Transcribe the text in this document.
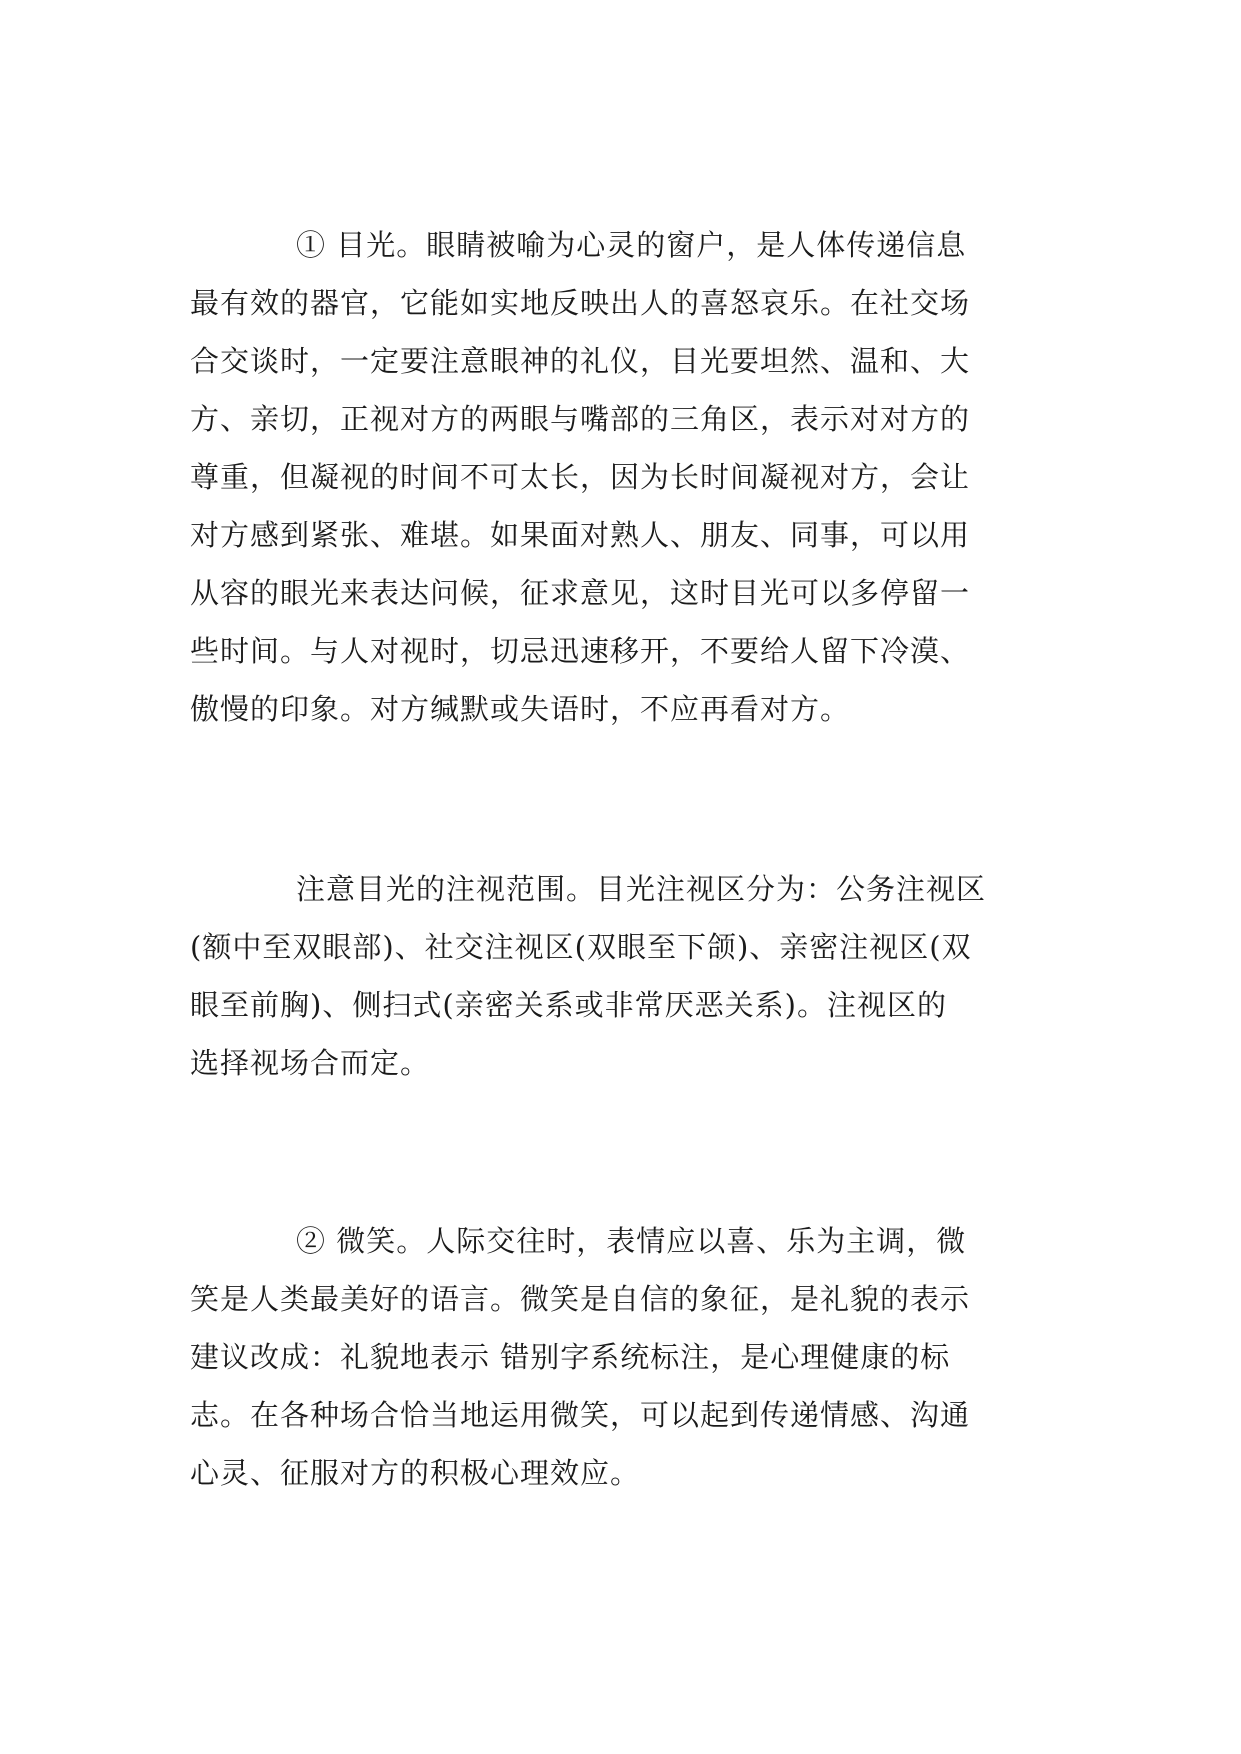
① 目光。眼睛被喻为心灵的窗户，是人体传递信息
最有效的器官，它能如实地反映出人的喜怒哀乐。在社交场
合交谈时，一定要注意眼神的礼仪，目光要坦然、温和、大
方、亲切，正视对方的两眼与嘴部的三角区，表示对对方的
尊重，但凝视的时间不可太长，因为长时间凝视对方，会让
对方感到紧张、难堪。如果面对熟人、朋友、同事，可以用
从容的眼光来表达问候，征求意见，这时目光可以多停留一
些时间。与人对视时，切忌迅速移开，不要给人留下冷漠、
傲慢的印象。对方缄默或失语时，不应再看对方。

注意目光的注视范围。目光注视区分为：公务注视区
(额中至双眼部)、社交注视区(双眼至下颌)、亲密注视区(双
眼至前胸)、侧扫式(亲密关系或非常厌恶关系)。注视区的
选择视场合而定。

② 微笑。人际交往时，表情应以喜、乐为主调，微
笑是人类最美好的语言。微笑是自信的象征，是礼貌的表示
建议改成：礼貌地表示 错别字系统标注，是心理健康的标
志。在各种场合恰当地运用微笑，可以起到传递情感、沟通
心灵、征服对方的积极心理效应。
